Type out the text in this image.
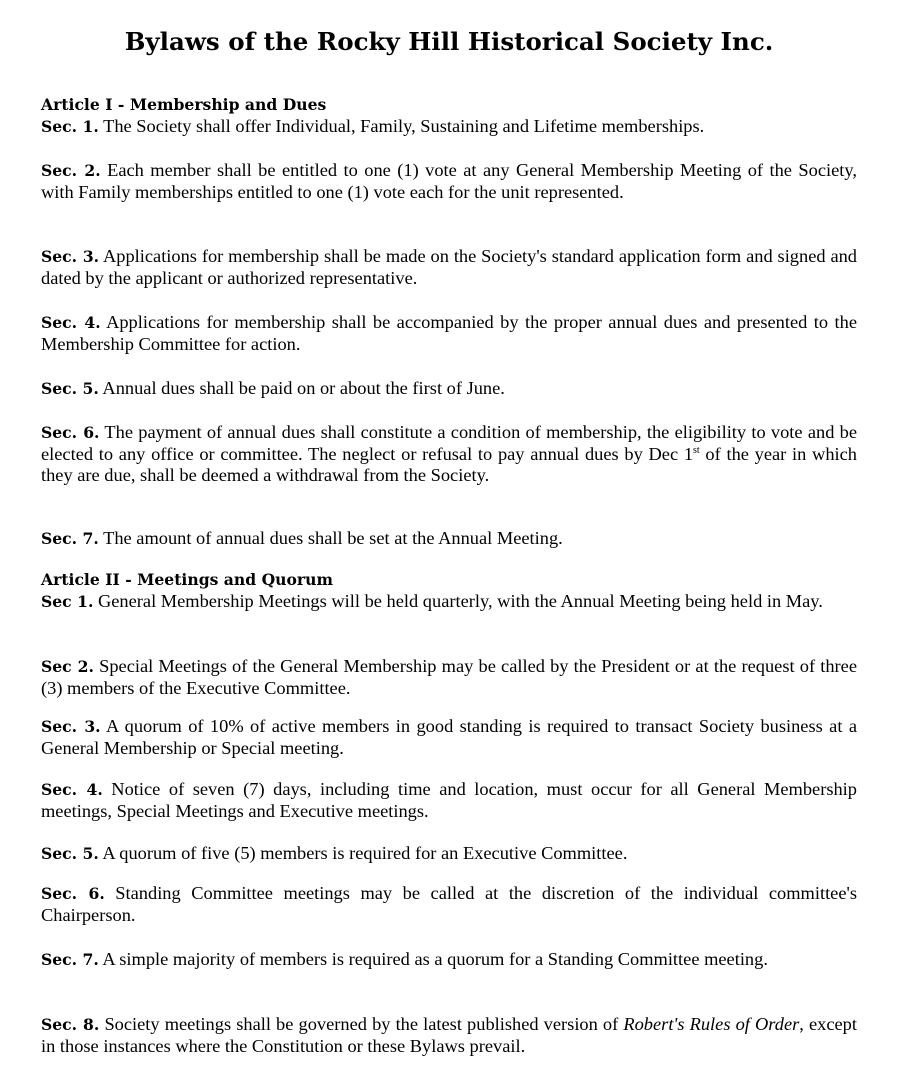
Bylaws of the Rocky Hill Historical Society Inc.
Article I - Membership and Dues

Sec. 1. The Society shall offer Individual, Family, Sustaining and Lifetime memberships.

Sec. 2. Each member shall be entitled to one (1) vote at any General Membership Meeting of the Society, with Family memberships entitled to one (1) vote each for the unit represented.

Sec. 3. Applications for membership shall be made on the Society's standard application form and signed and dated by the applicant or authorized representative.

Sec. 4. Applications for membership shall be accompanied by the proper annual dues and presented to the Membership Committee for action.

Sec. 5. Annual dues shall be paid on or about the first of June.

Sec. 6. The payment of annual dues shall constitute a condition of membership, the eligibility to vote and be elected to any office or committee. The neglect or refusal to pay annual dues by Dec 1st of the year in which they are due, shall be deemed a withdrawal from the Society.

Sec. 7. The amount of annual dues shall be set at the Annual Meeting.

Article II - Meetings and Quorum

Sec 1. General Membership Meetings will be held quarterly, with the Annual Meeting being held in May.

Sec 2. Special Meetings of the General Membership may be called by the President or at the request of three (3) members of the Executive Committee.

Sec. 3. A quorum of 10% of active members in good standing is required to transact Society business at a General Membership or Special meeting.

Sec. 4. Notice of seven (7) days, including time and location, must occur for all General Membership meetings, Special Meetings and Executive meetings.

Sec. 5. A quorum of five (5) members is required for an Executive Committee.

Sec. 6. Standing Committee meetings may be called at the discretion of the individual committee's Chairperson.

Sec. 7. A simple majority of members is required as a quorum for a Standing Committee meeting.

Sec. 8. Society meetings shall be governed by the latest published version of Robert's Rules of Order, except in those instances where the Constitution or these Bylaws prevail.
